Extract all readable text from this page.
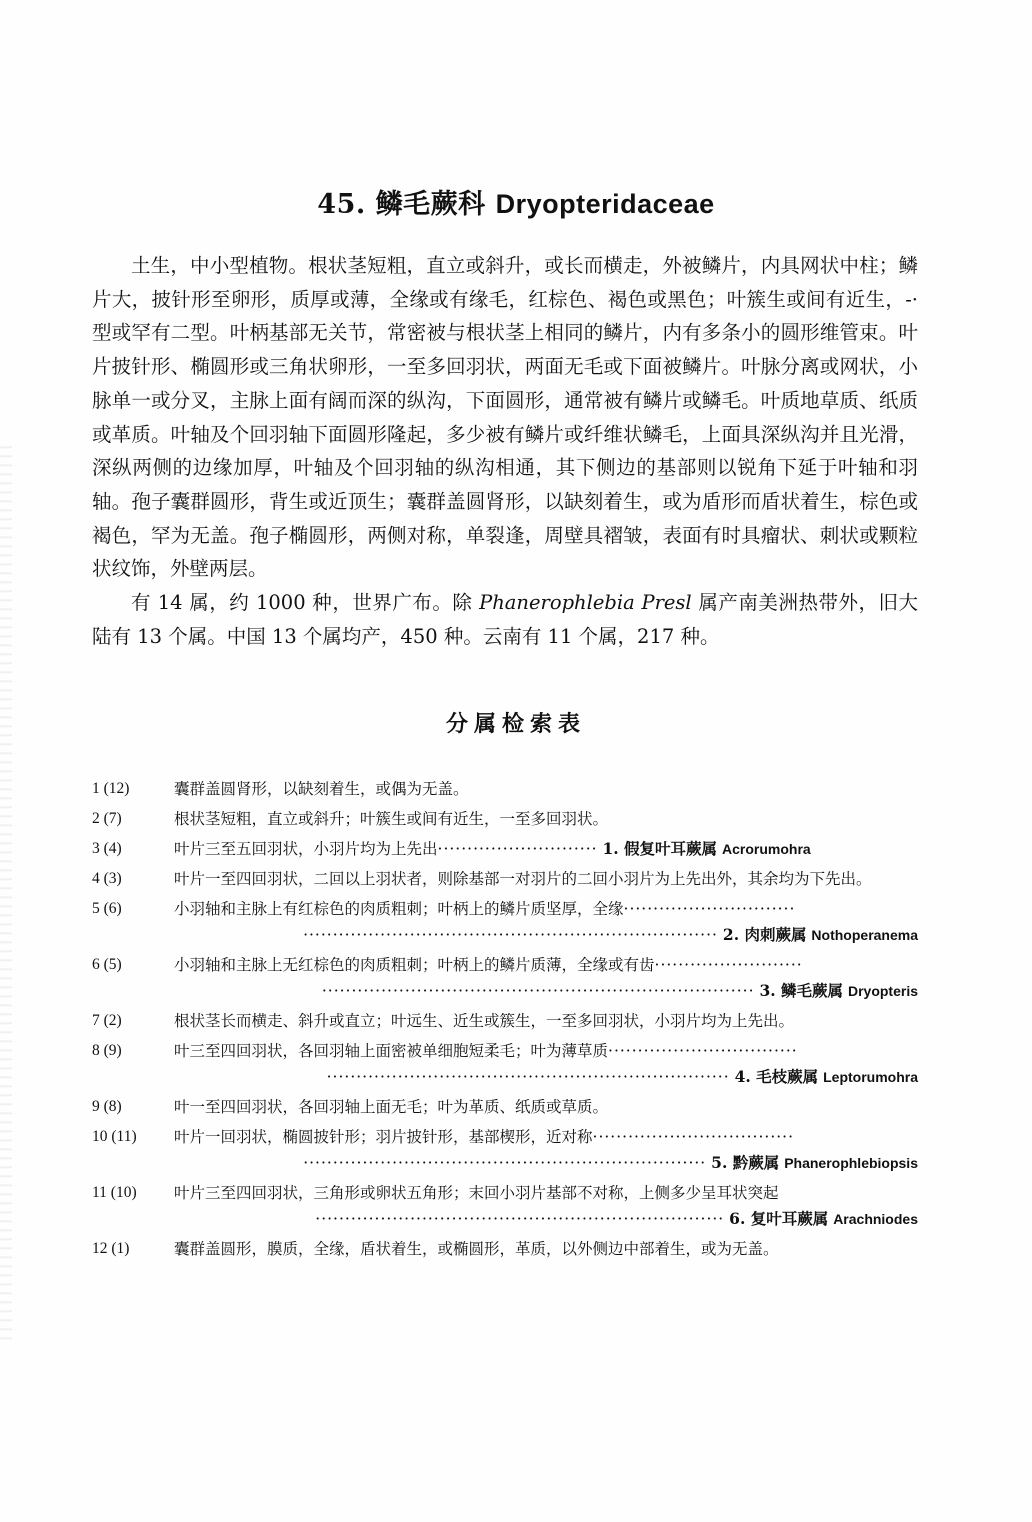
45. 鳞毛蕨科 Dryopteridaceae

土生，中小型植物。根状茎短粗，直立或斜升，或长而横走，外被鳞片，内具网状中柱；鳞片大，披针形至卵形，质厚或薄，全缘或有缘毛，红棕色、褐色或黑色；叶簇生或间有近生，-·型或罕有二型。叶柄基部无关节，常密被与根状茎上相同的鳞片，内有多条小的圆形维管束。叶片披针形、椭圆形或三角状卵形，一至多回羽状，两面无毛或下面被鳞片。叶脉分离或网状，小脉单一或分叉，主脉上面有阔而深的纵沟，下面圆形，通常被有鳞片或鳞毛。叶质地草质、纸质或革质。叶轴及个回羽轴下面圆形隆起，多少被有鳞片或纤维状鳞毛，上面具深纵沟并且光滑，深纵两侧的边缘加厚，叶轴及个回羽轴的纵沟相通，其下侧边的基部则以锐角下延于叶轴和羽轴。孢子囊群圆形，背生或近顶生；囊群盖圆肾形，以缺刻着生，或为盾形而盾状着生，棕色或褐色，罕为无盖。孢子椭圆形，两侧对称，单裂逢，周壁具褶皱，表面有时具瘤状、刺状或颗粒状纹饰，外壁两层。

有 14 属，约 1000 种，世界广布。除 Phanerophlebia Presl 属产南美洲热带外，旧大陆有 13 个属。中国 13 个属均产，450 种。云南有 11 个属，217 种。

分属检索表
1 (12)	囊群盖圆肾形，以缺刻着生，或偶为无盖。
2 (7)	根状茎短粗，直立或斜升；叶簇生或间有近生，一至多回羽状。
3 (4)	叶片三至五回羽状，小羽片均为上先出··························· 1. 假复叶耳蕨属 Acrorumohra
4 (3)	叶片一至四回羽状，二回以上羽状者，则除基部一对羽片的二回小羽片为上先出外，其余均为下先出。
5 (6)	小羽轴和主脉上有红棕色的肉质粗刺；叶柄上的鳞片质坚厚，全缘·····························
······································································ 2. 肉刺蕨属 Nothoperanema
6 (5)	小羽轴和主脉上无红棕色的肉质粗刺；叶柄上的鳞片质薄，全缘或有齿·························
········································································· 3. 鳞毛蕨属 Dryopteris
7 (2)	根状茎长而横走、斜升或直立；叶远生、近生或簇生，一至多回羽状，小羽片均为上先出。
8 (9)	叶三至四回羽状，各回羽轴上面密被单细胞短柔毛；叶为薄草质································
···································································· 4. 毛枝蕨属 Leptorumohra
9 (8)	叶一至四回羽状，各回羽轴上面无毛；叶为革质、纸质或草质。
10 (11)	叶片一回羽状，椭圆披针形；羽片披针形，基部楔形，近对称··································
···································································· 5. 黔蕨属 Phanerophlebiopsis
11 (10)	叶片三至四回羽状，三角形或卵状五角形；末回小羽片基部不对称，上侧多少呈耳状突起
····································································· 6. 复叶耳蕨属 Arachniodes
12 (1)	囊群盖圆形，膜质，全缘，盾状着生，或椭圆形，革质，以外侧边中部着生，或为无盖。
